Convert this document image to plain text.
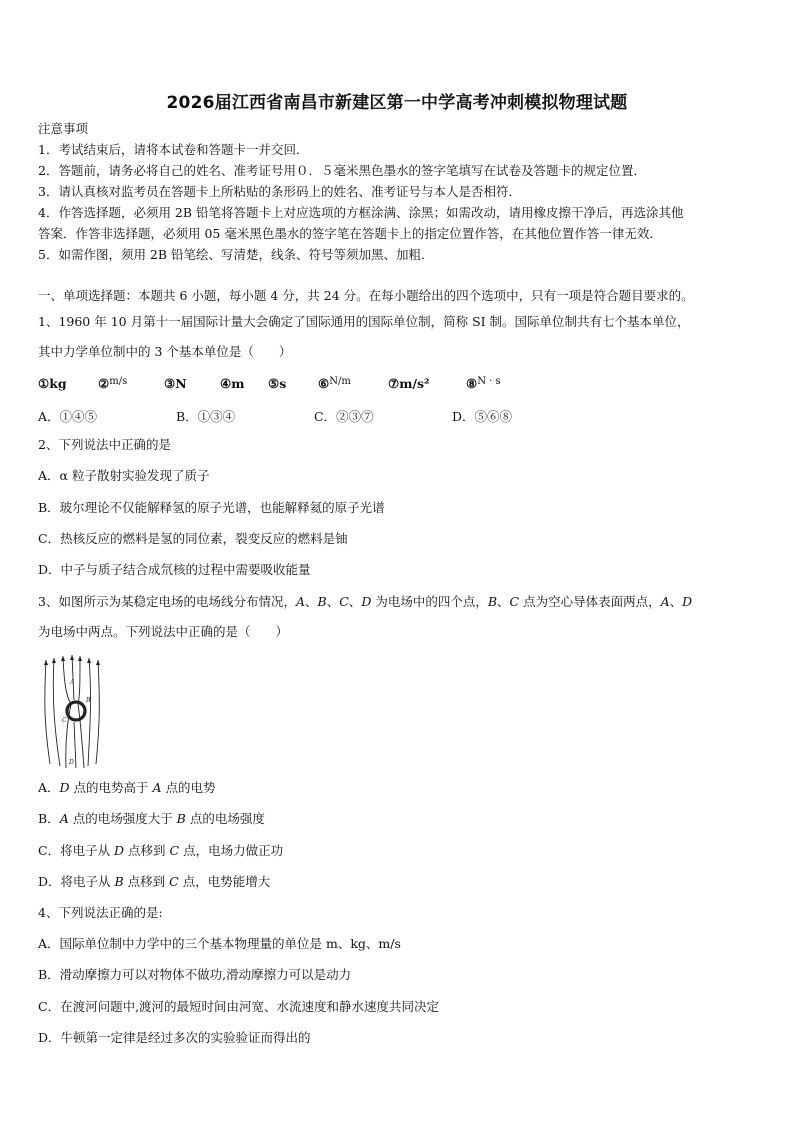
2026届江西省南昌市新建区第一中学高考冲刺模拟物理试题
注意事项
1．考试结束后，请将本试卷和答题卡一并交回．
2．答题前，请务必将自己的姓名、准考证号用０．５毫米黑色墨水的签字笔填写在试卷及答题卡的规定位置．
3．请认真核对监考员在答题卡上所粘贴的条形码上的姓名、准考证号与本人是否相符．
4．作答选择题，必须用 2B 铅笔将答题卡上对应选项的方框涂满、涂黑；如需改动，请用橡皮擦干净后，再选涂其他
答案．作答非选择题，必须用 05 毫米黑色墨水的签字笔在答题卡上的指定位置作答，在其他位置作答一律无效．
5．如需作图，须用 2B 铅笔绘、写清楚，线条、符号等须加黑、加粗．
一、单项选择题：本题共 6 小题，每小题 4 分，共 24 分。在每小题给出的四个选项中，只有一项是符合题目要求的。
1、1960 年 10 月第十一届国际计量大会确定了国际通用的国际单位制，简称 SI 制。国际单位制共有七个基本单位，
其中力学单位制中的 3 个基本单位是（　　）
①kg	②$^{m/s}$	③N	④m ⑤s	⑥$^{N/m}$	⑦m/s²	⑧$^{N \cdot s}$
A．①④⑤	B．①③④	C．②③⑦	D．⑤⑥⑧
2、下列说法中正确的是
A．α 粒子散射实验发现了质子
B．玻尔理论不仅能解释氢的原子光谱，也能解释氦的原子光谱
C．热核反应的燃料是氢的同位素，裂变反应的燃料是铀
D．中子与质子结合成氘核的过程中需要吸收能量
3、如图所示为某稳定电场的电场线分布情况，A、B、C、D 为电场中的四个点，B、C 点为空心导体表面两点，A、D
为电场中两点。下列说法中正确的是（　　）
A
B
C
D
A．D 点的电势高于 A 点的电势
B．A 点的电场强度大于 B 点的电场强度
C．将电子从 D 点移到 C 点，电场力做正功
D．将电子从 B 点移到 C 点，电势能增大
4、下列说法正确的是:
A．国际单位制中力学中的三个基本物理量的单位是 m、kg、m/s
B．滑动摩擦力可以对物体不做功,滑动摩擦力可以是动力
C．在渡河问题中,渡河的最短时间由河宽、水流速度和静水速度共同决定
D．牛顿第一定律是经过多次的实验验证而得出的
